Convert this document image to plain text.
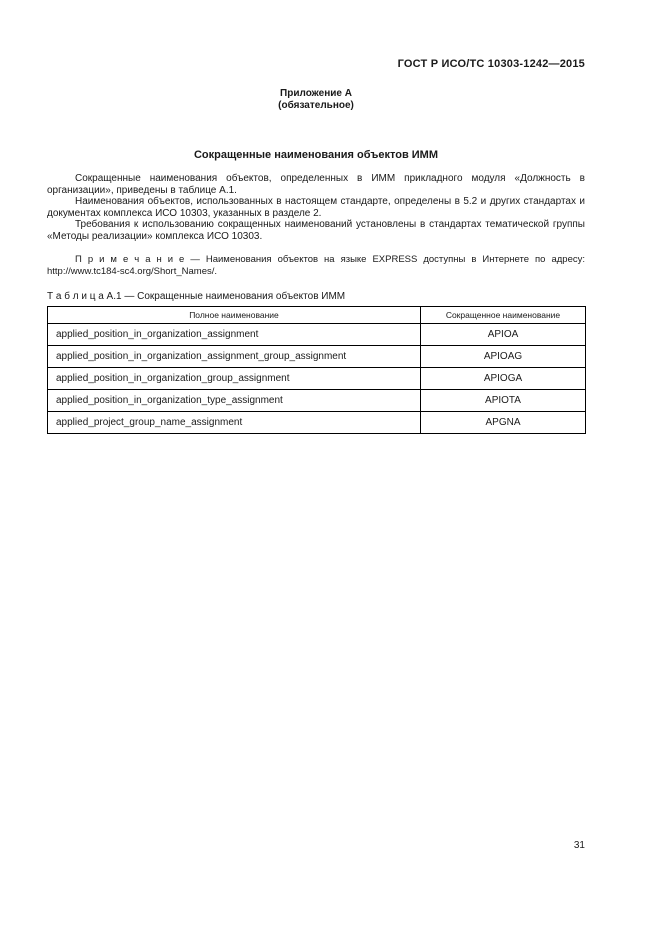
ГОСТ Р ИСО/ТС 10303-1242—2015
Приложение А
(обязательное)
Сокращенные наименования объектов ИММ

Сокращенные наименования объектов, определенных в ИММ прикладного модуля «Должность в организации», приведены в таблице А.1.

Наименования объектов, использованных в настоящем стандарте, определены в 5.2 и других стандартах и документах комплекса ИСО 10303, указанных в разделе 2.

Требования к использованию сокращенных наименований установлены в стандартах тематической группы «Методы реализации» комплекса ИСО 10303.

П р и м е ч а н и е — Наименования объектов на языке EXPRESS доступны в Интернете по адресу: http://www.tc184-sc4.org/Short_Names/.

Т а б л и ц а А.1 — Сокращенные наименования объектов ИММ
Полное наименование	Сокращенное наименование
applied_position_in_organization_assignment	APIOA
applied_position_in_organization_assignment_group_assignment	APIOAG
applied_position_in_organization_group_assignment	APIOGA
applied_position_in_organization_type_assignment	APIOTA
applied_project_group_name_assignment	APGNA
31
